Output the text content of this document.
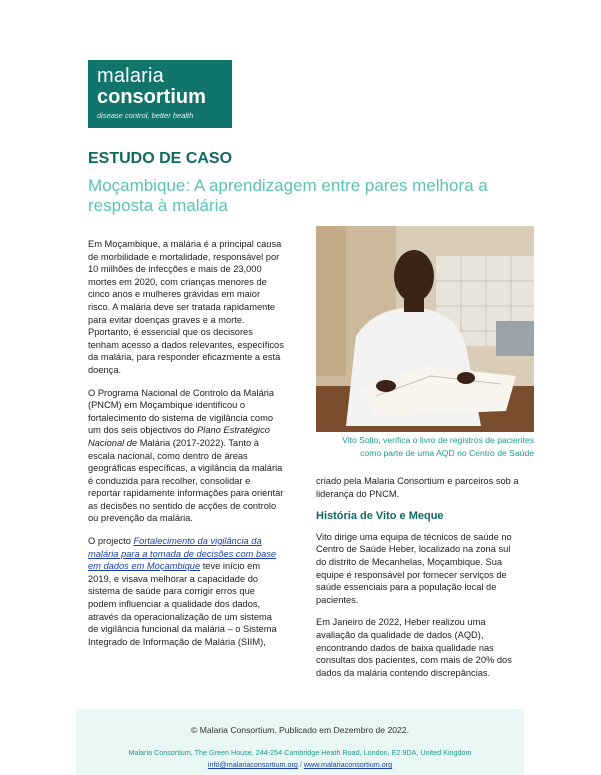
malaria
consortium
disease control, better health
ESTUDO DE CASO
Moçambique: A aprendizagem entre pares melhora a resposta à malária

Em Moçambique, a malária é a principal causa de morbilidade e mortalidade, responsável por 10 milhões de infecções e mais de 23,000 mortes em 2020, com crianças menores de cinco anos e mulheres grávidas em maior risco. A malária deve ser tratada rapidamente para evitar doenças graves e a morte. Pportanto, é essencial que os decisores tenham acesso a dados relevantes, específicos da malária, para responder eficazmente a esta doença.

O Programa Nacional de Controlo da Malária (PNCM) em Moçambique identificou o fortalecimento do sistema de vigilância como um dos seis objectivos do Plano Estratégico Nacional de Malária (2017-2022). Tanto à escala nacional, como dentro de áreas geográficas específicas, a vigilância da malária é conduzida para recolher, consolidar e reportar rapidamente informações para orientar as decisões no sentido de acções de controlo ou prevenção da malária.

O projecto Fortalecimento da vigilância da malária para a tomada de decisões com base em dados em Moçambique teve início em 2019, e visava melhorar a capacidade do sistema de saúde para corrigir erros que podem influenciar a qualidade dos dados, através da operacionalização de um sistema de vigilância funcional da malária – o Sistema Integrado de Informação de Malária (SIIM),

Vito Solio, verifica o livro de registros de pacientes
como parte de uma AQD no Centro de Saúde

criado pela Malaria Consortium e parceiros sob a liderança do PNCM.

História de Vito e Meque

Vito dirige uma equipa de técnicos de saúde no Centro de Saúde Heber, localizado na zona sul do distrito de Mecanhelas, Moçambique. Sua equipe é responsável por fornecer serviços de saúde essenciais para a população local de pacientes.

Em Janeiro de 2022, Heber realizou uma avaliação da qualidade de dados (AQD), encontrando dados de baixa qualidade nas consultas dos pacientes, com mais de 20% dos dados da malária contendo discrepâncias.

© Malaria Consortium. Publicado em Dezembro de 2022.
Malaria Consortium, The Green House, 244-254 Cambridge Heath Road, London, E2 9DA, United Kingdom
info@malariaconsortium.org / www.malariaconsortium.org
